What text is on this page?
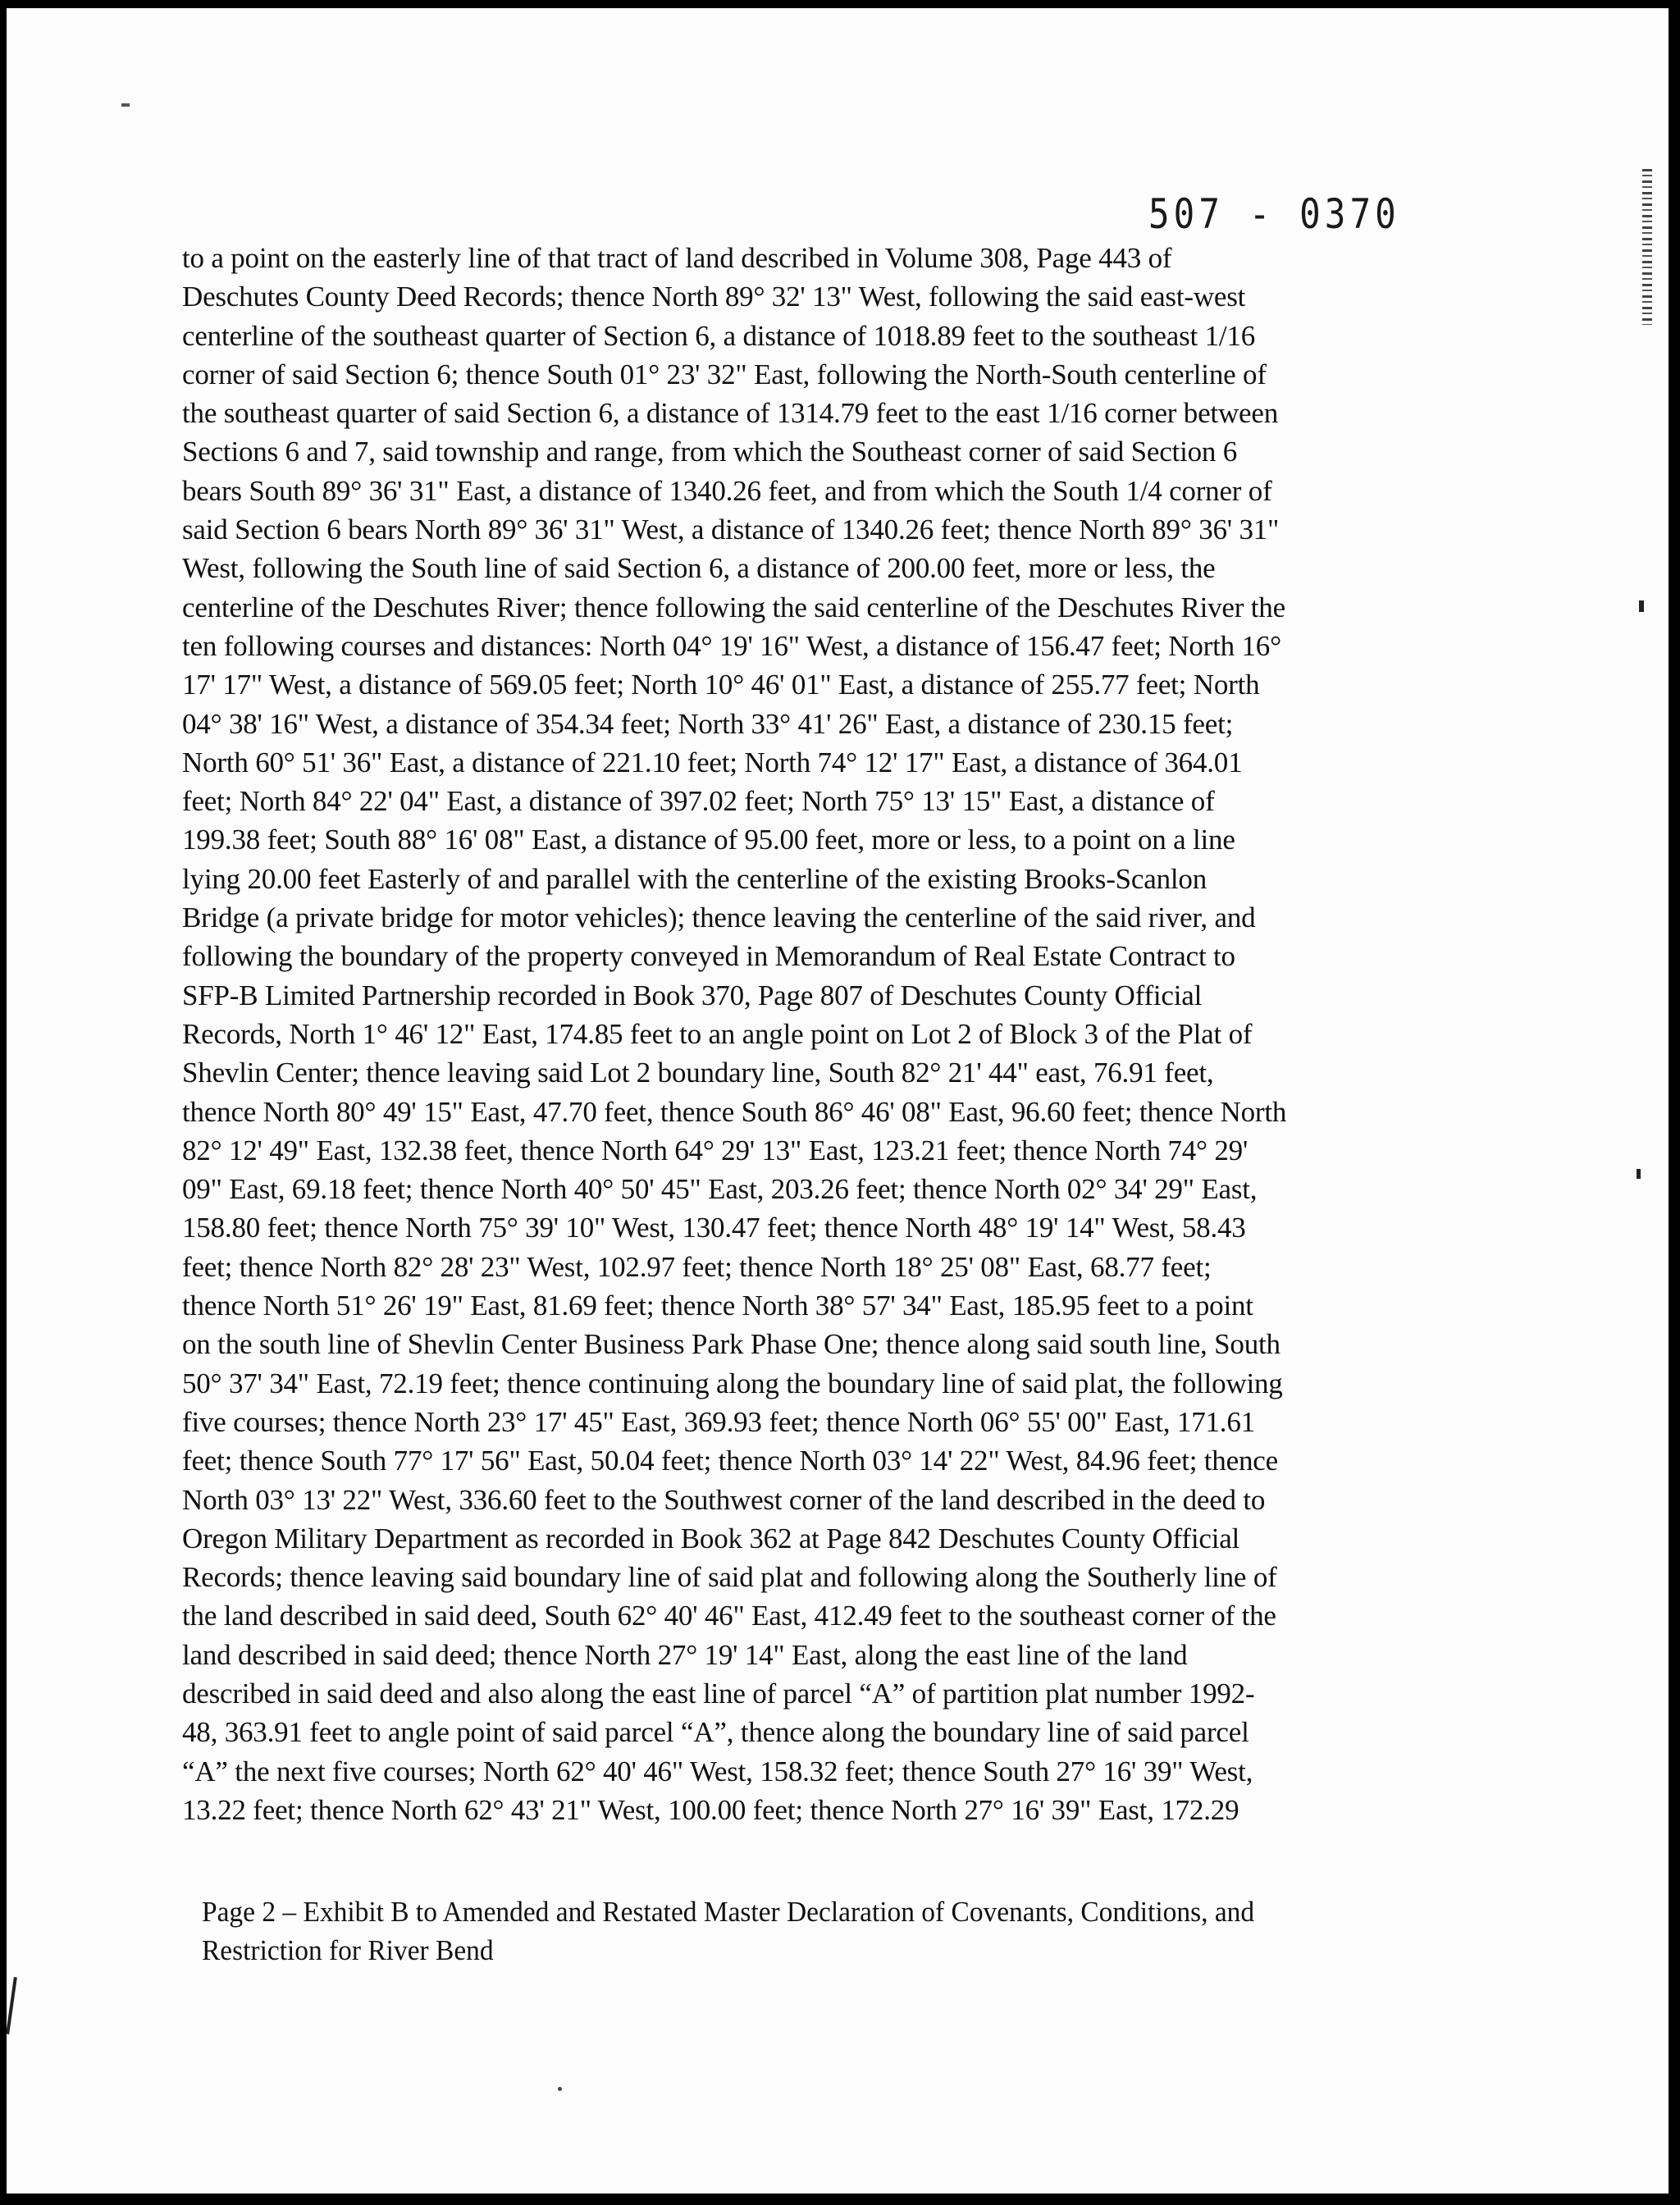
507 - 0370
to a point on the easterly line of that tract of land described in Volume 308, Page 443 of
Deschutes County Deed Records; thence North 89° 32' 13" West, following the said east-west
centerline of the southeast quarter of Section 6, a distance of 1018.89 feet to the southeast 1/16
corner of said Section 6; thence South 01° 23' 32" East, following the North-South centerline of
the southeast quarter of said Section 6, a distance of 1314.79 feet to the east 1/16 corner between
Sections 6 and 7, said township and range, from which the Southeast corner of said Section 6
bears South 89° 36' 31" East, a distance of 1340.26 feet, and from which the South 1/4 corner of
said Section 6 bears North 89° 36' 31" West, a distance of 1340.26 feet; thence North 89° 36' 31"
West, following the South line of said Section 6, a distance of 200.00 feet, more or less, the
centerline of the Deschutes River; thence following the said centerline of the Deschutes River the
ten following courses and distances: North 04° 19' 16" West, a distance of 156.47 feet; North 16°
17' 17" West, a distance of 569.05 feet; North 10° 46' 01" East, a distance of 255.77 feet; North
04° 38' 16" West, a distance of 354.34 feet; North 33° 41' 26" East, a distance of 230.15 feet;
North 60° 51' 36" East, a distance of 221.10 feet; North 74° 12' 17" East, a distance of 364.01
feet; North 84° 22' 04" East, a distance of 397.02 feet; North 75° 13' 15" East, a distance of
199.38 feet; South 88° 16' 08" East, a distance of 95.00 feet, more or less, to a point on a line
lying 20.00 feet Easterly of and parallel with the centerline of the existing Brooks-Scanlon
Bridge (a private bridge for motor vehicles); thence leaving the centerline of the said river, and
following the boundary of the property conveyed in Memorandum of Real Estate Contract to
SFP-B Limited Partnership recorded in Book 370, Page 807 of Deschutes County Official
Records, North 1° 46' 12" East, 174.85 feet to an angle point on Lot 2 of Block 3 of the Plat of
Shevlin Center; thence leaving said Lot 2 boundary line, South 82° 21' 44" east, 76.91 feet,
thence North 80° 49' 15" East, 47.70 feet, thence South 86° 46' 08" East, 96.60 feet; thence North
82° 12' 49" East, 132.38 feet, thence North 64° 29' 13" East, 123.21 feet; thence North 74° 29'
09" East, 69.18 feet; thence North 40° 50' 45" East, 203.26 feet; thence North 02° 34' 29" East,
158.80 feet; thence North 75° 39' 10" West, 130.47 feet; thence North 48° 19' 14" West, 58.43
feet; thence North 82° 28' 23" West, 102.97 feet; thence North 18° 25' 08" East, 68.77 feet;
thence North 51° 26' 19" East, 81.69 feet; thence North 38° 57' 34" East, 185.95 feet to a point
on the south line of Shevlin Center Business Park Phase One; thence along said south line, South
50° 37' 34" East, 72.19 feet; thence continuing along the boundary line of said plat, the following
five courses; thence North 23° 17' 45" East, 369.93 feet; thence North 06° 55' 00" East, 171.61
feet; thence South 77° 17' 56" East, 50.04 feet; thence North 03° 14' 22" West, 84.96 feet; thence
North 03° 13' 22" West, 336.60 feet to the Southwest corner of the land described in the deed to
Oregon Military Department as recorded in Book 362 at Page 842 Deschutes County Official
Records; thence leaving said boundary line of said plat and following along the Southerly line of
the land described in said deed, South 62° 40' 46" East, 412.49 feet to the southeast corner of the
land described in said deed; thence North 27° 19' 14" East, along the east line of the land
described in said deed and also along the east line of parcel “A” of partition plat number 1992-
48, 363.91 feet to angle point of said parcel “A”, thence along the boundary line of said parcel
“A” the next five courses; North 62° 40' 46" West, 158.32 feet; thence South 27° 16' 39" West,
13.22 feet; thence North 62° 43' 21" West, 100.00 feet; thence North 27° 16' 39" East, 172.29
Page 2 – Exhibit B to Amended and Restated Master Declaration of Covenants, Conditions, and
Restriction for River Bend
